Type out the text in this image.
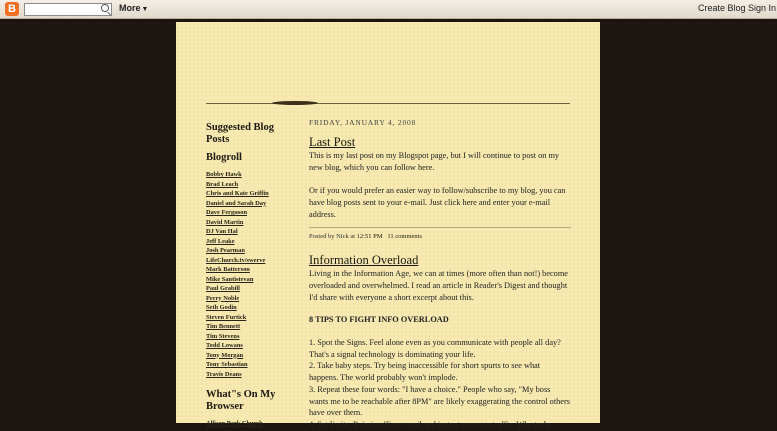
B	More▼	Create Blog Sign In
Suggested Blog Posts
Blogroll
Bobby Hawk
Brad Leach
Chris and Kate Griffin
Daniel and Sarah Day
Dave Ferguson
David Martin
DJ Van Hal
Jeff Leake
Josh Pearman
LifeChurch.tv/swerve
Mark Batterson
Mike Santistevan
Paul Grabill
Perry Noble
Seth Godin
Steven Furtick
Tim Bennett
Tim Stevens
Todd Lowans
Tony Morgan
Tony Sebastian
Travis Deans
What"s On My Browser
Allison Park Church
FRIDAY, JANUARY 4, 2008
Last Post

This is my last post on my Blogspot page, but I will continue to post on my new blog, which you can follow here.

Or if you would prefer an easier way to follow/subscribe to my blog, you can have blog posts sent to your e-mail. Just click here and enter your e-mail address.

Posted by Nick at 12:51 PM 11 comments
Information Overload

Living in the Information Age, we can at times (more often than not!) become overloaded and overwhelmed. I read an article in Reader's Digest and thought I'd share with everyone a short excerpt about this.

8 TIPS TO FIGHT INFO OVERLOAD

1. Spot the Signs. Feel alone even as you communicate with people all day? That's a signal technology is dominating your life.

2. Take baby steps. Try being inaccessible for short spurts to see what happens. The world probably won't implode.

3. Repeat these four words: "I have a choice." People who say, "My boss wants me to be reachable after 8PM" are likely exaggerating the control others have over them.

4. Set limits. Rein in office e-mail and instant message traffic. Who truly
